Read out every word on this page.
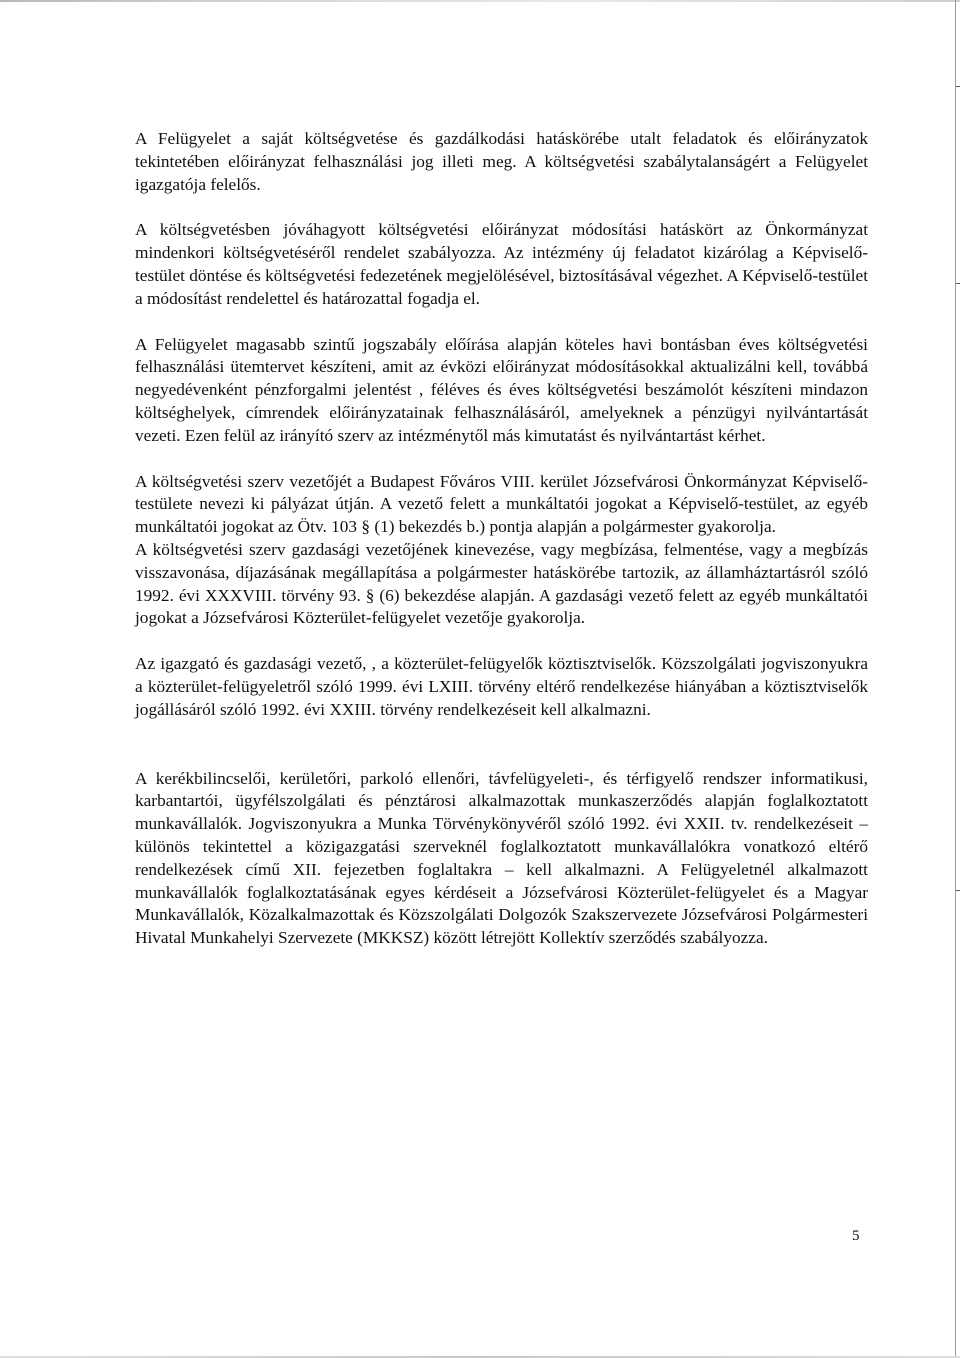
A Felügyelet a saját költségvetése és gazdálkodási hatáskörébe utalt feladatok és előirányzatok tekintetében előirányzat felhasználási jog illeti meg. A költségvetési szabálytalanságért a Felügyelet igazgatója felelős.

A költségvetésben jóváhagyott költségvetési előirányzat módosítási hatáskört az Önkormányzat mindenkori költségvetéséről rendelet szabályozza. Az intézmény új feladatot kizárólag a Képviselő-testület döntése és költségvetési fedezetének megjelölésével, biztosításával végezhet. A Képviselő-testület a módosítást rendelettel és határozattal fogadja el.

A Felügyelet magasabb szintű jogszabály előírása alapján köteles havi bontásban éves költségvetési felhasználási ütemtervet készíteni, amit az évközi előirányzat módosításokkal aktualizálni kell, továbbá negyedévenként pénzforgalmi jelentést , féléves és éves költségvetési beszámolót készíteni mindazon költséghelyek, címrendek előirányzatainak felhasználásáról, amelyeknek a pénzügyi nyilvántartását vezeti. Ezen felül az irányító szerv az intézménytől más kimutatást és nyilvántartást kérhet.

A költségvetési szerv vezetőjét a Budapest Főváros VIII. kerület Józsefvárosi Önkormányzat Képviselő-testülete nevezi ki pályázat útján. A vezető felett a munkáltatói jogokat a Képviselő-testület, az egyéb munkáltatói jogokat az Ötv. 103 § (1) bekezdés b.) pontja alapján a polgármester gyakorolja.

A költségvetési szerv gazdasági vezetőjének kinevezése, vagy megbízása, felmentése, vagy a megbízás visszavonása, díjazásának megállapítása a polgármester hatáskörébe tartozik, az államháztartásról szóló 1992. évi XXXVIII. törvény 93. § (6) bekezdése alapján. A gazdasági vezető felett az egyéb munkáltatói jogokat a Józsefvárosi Közterület-felügyelet vezetője gyakorolja.

Az igazgató és gazdasági vezető, , a közterület-felügyelők köztisztviselők. Közszolgálati jogviszonyukra a közterület-felügyeletről szóló 1999. évi LXIII. törvény eltérő rendelkezése hiányában a köztisztviselők jogállásáról szóló 1992. évi XXIII. törvény rendelkezéseit kell alkalmazni.

A kerékbilincselői, kerületőri, parkoló ellenőri, távfelügyeleti-, és térfigyelő rendszer informatikusi, karbantartói, ügyfélszolgálati és pénztárosi alkalmazottak munkaszerződés alapján foglalkoztatott munkavállalók. Jogviszonyukra a Munka Törvénykönyvéről szóló 1992. évi XXII. tv. rendelkezéseit – különös tekintettel a közigazgatási szerveknél foglalkoztatott munkavállalókra vonatkozó eltérő rendelkezések című XII. fejezetben foglaltakra – kell alkalmazni. A Felügyeletnél alkalmazott munkavállalók foglalkoztatásának egyes kérdéseit a Józsefvárosi Közterület-felügyelet és a Magyar Munkavállalók, Közalkalmazottak és Közszolgálati Dolgozók Szakszervezete Józsefvárosi Polgármesteri Hivatal Munkahelyi Szervezete (MKKSZ) között létrejött Kollektív szerződés szabályozza.

5
